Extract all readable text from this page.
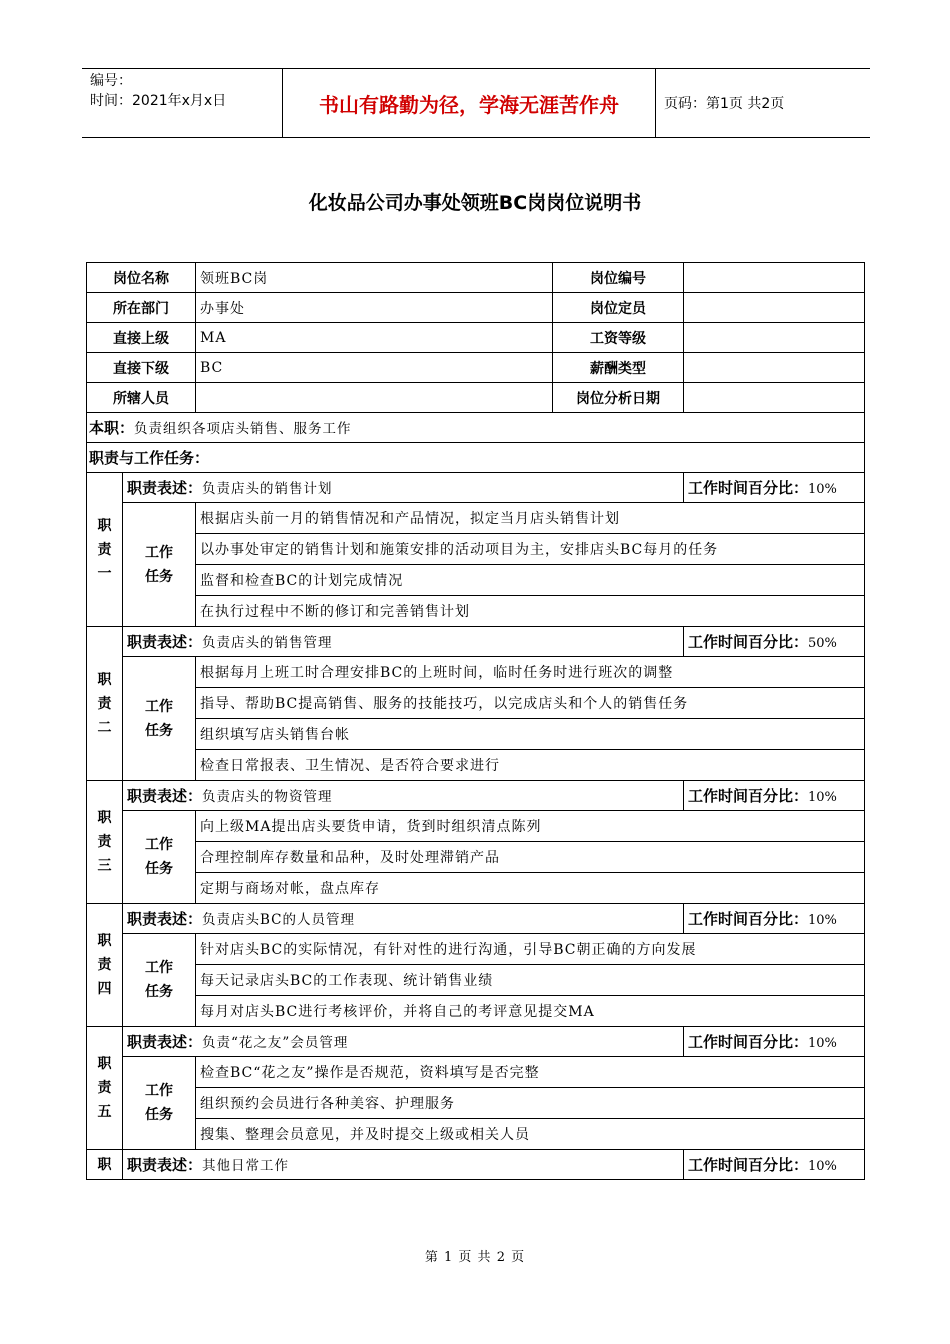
编号：
时间：2021年x月x日	书山有路勤为径，学海无涯苦作舟	页码：第1页 共2页
化妆品公司办事处领班BC岗岗位说明书
岗位名称		领班BC岗	岗位编号	
所在部门		办事处	岗位定员	
直接上级		MA	工资等级	
直接下级		BC	薪酬类型	
所辖人员			岗位分析日期	
本职：负责组织各项店头销售、服务工作				
职责与工作任务：				

职责一	职责表述：负责店头的销售计划			工作时间百分比：10%

	工作任务	根据店头前一月的销售情况和产品情况，拟定当月店头销售计划		
		以办事处审定的销售计划和施策安排的活动项目为主，安排店头BC每月的任务		
		监督和检查BC的计划完成情况		
		在执行过程中不断的修订和完善销售计划		

职责二	职责表述：负责店头的销售管理			工作时间百分比：50%

	工作任务	根据每月上班工时合理安排BC的上班时间，临时任务时进行班次的调整		
		指导、帮助BC提高销售、服务的技能技巧，以完成店头和个人的销售任务		
		组织填写店头销售台帐		
		检查日常报表、卫生情况、是否符合要求进行		

职责三	职责表述：负责店头的物资管理			工作时间百分比：10%

	工作任务	向上级MA提出店头要货申请，货到时组织清点陈列		
		合理控制库存数量和品种，及时处理滞销产品		
		定期与商场对帐，盘点库存		

职责四	职责表述：负责店头BC的人员管理			工作时间百分比：10%

	工作任务	针对店头BC的实际情况，有针对性的进行沟通，引导BC朝正确的方向发展		
		每天记录店头BC的工作表现、统计销售业绩		
		每月对店头BC进行考核评价，并将自己的考评意见提交MA		

职责五	职责表述：负责“花之友”会员管理			工作时间百分比：10%

	工作任务	检查BC“花之友”操作是否规范，资料填写是否完整		
		组织预约会员进行各种美容、护理服务		
		搜集、整理会员意见，并及时提交上级或相关人员		
职	职责表述：其他日常工作			工作时间百分比：10%
第 1 页 共 2 页
